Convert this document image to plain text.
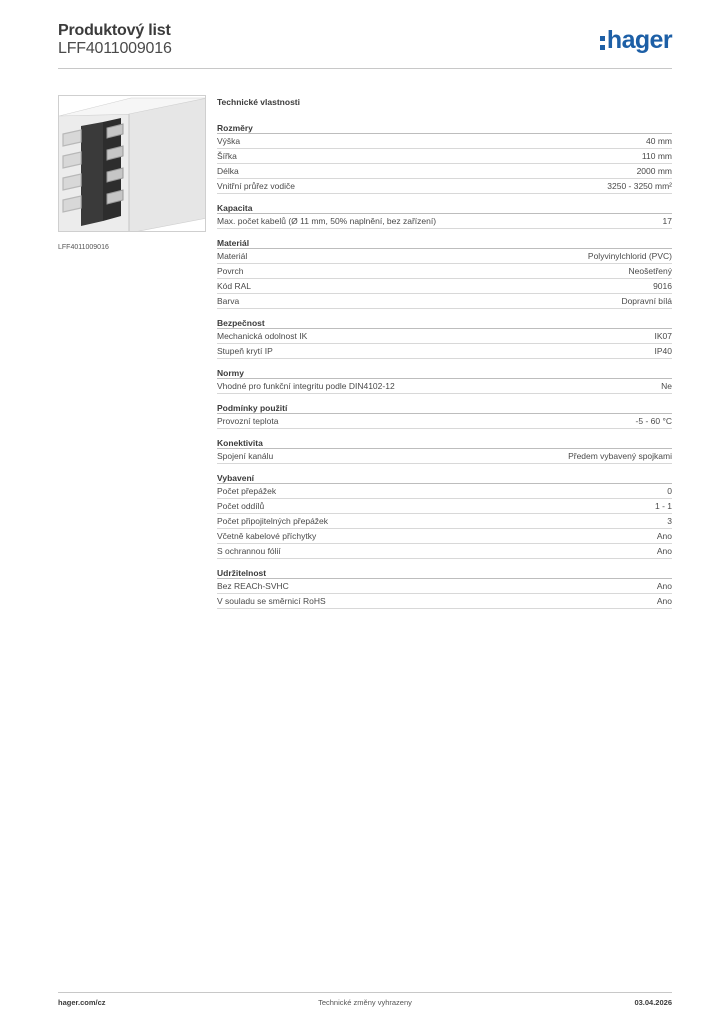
Produktový list
LFF4011009016	hager
LFF4011009016
Technické vlastnosti
Rozměry
Výška	40 mm
Šířka	110 mm
Délka	2000 mm
Vnitřní průřez vodiče	3250 - 3250 mm²
Kapacita
Max. počet kabelů (Ø 11 mm, 50% naplnění, bez zařízení)	17
Materiál
Materiál	Polyvinylchlorid (PVC)
Povrch	Neošetřený
Kód RAL	9016
Barva	Dopravní bílá
Bezpečnost
Mechanická odolnost IK	IK07
Stupeň krytí IP	IP40
Normy
Vhodné pro funkční integritu podle DIN4102-12	Ne
Podmínky použití
Provozní teplota	-5 - 60 °C
Konektivita
Spojení kanálu	Předem vybavený spojkami
Vybavení
Počet přepážek	0
Počet oddílů	1 - 1
Počet připojitelných přepážek	3
Včetně kabelové příchytky	Ano
S ochrannou fólií	Ano
Udržitelnost
Bez REACh-SVHC	Ano
V souladu se směrnicí RoHS	Ano
hager.com/cz	Technické změny vyhrazeny	03.04.2026
